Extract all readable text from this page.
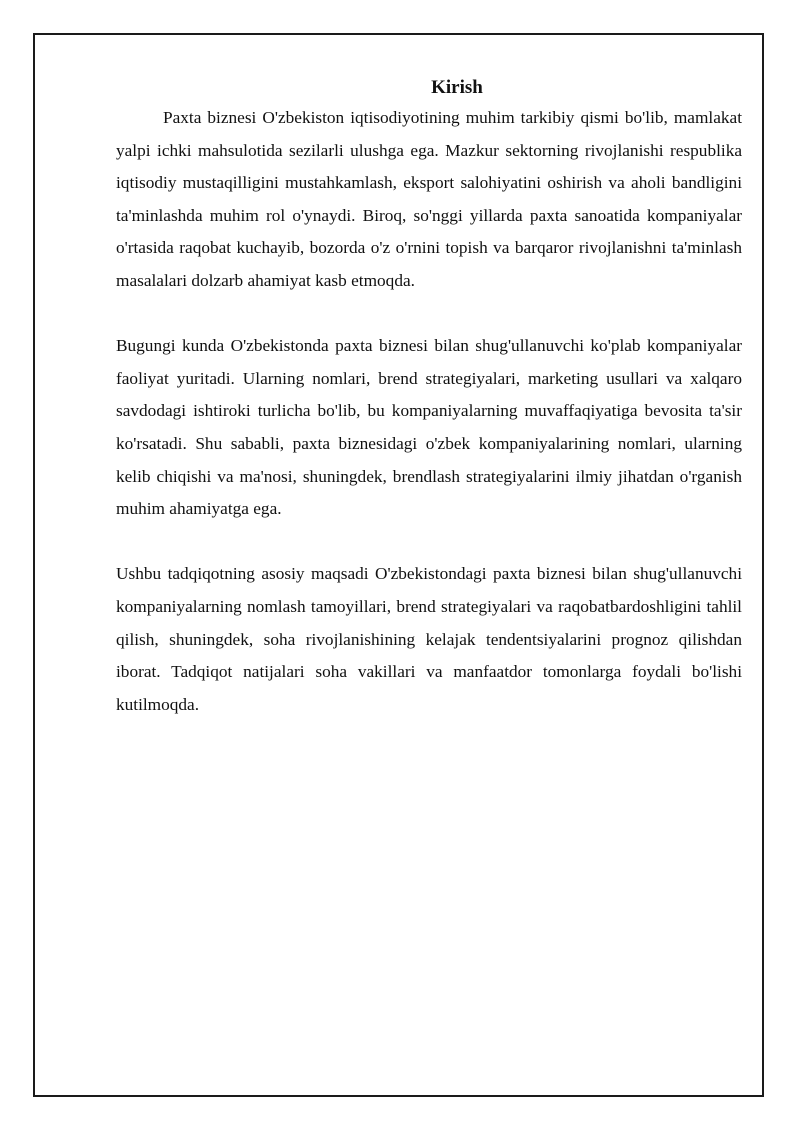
Kirish

Paxta biznesi O'zbekiston iqtisodiyotining muhim tarkibiy qismi bo'lib, mamlakat yalpi ichki mahsulotida sezilarli ulushga ega. Mazkur sektorning rivojlanishi respublika iqtisodiy mustaqilligini mustahkamlash, eksport salohiyatini oshirish va aholi bandligini ta'minlashda muhim rol o'ynaydi. Biroq, so'nggi yillarda paxta sanoatida kompaniyalar o'rtasida raqobat kuchayib, bozorda o'z o'rnini topish va barqaror rivojlanishni ta'minlash masalalari dolzarb ahamiyat kasb etmoqda.

Bugungi kunda O'zbekistonda paxta biznesi bilan shug'ullanuvchi ko'plab kompaniyalar faoliyat yuritadi. Ularning nomlari, brend strategiyalari, marketing usullari va xalqaro savdodagi ishtiroki turlicha bo'lib, bu kompaniyalarning muvaffaqiyatiga bevosita ta'sir ko'rsatadi. Shu sababli, paxta biznesidagi o'zbek kompaniyalarining nomlari, ularning kelib chiqishi va ma'nosi, shuningdek, brendlash strategiyalarini ilmiy jihatdan o'rganish muhim ahamiyatga ega.

Ushbu tadqiqotning asosiy maqsadi O'zbekistondagi paxta biznesi bilan shug'ullanuvchi kompaniyalarning nomlash tamoyillari, brend strategiyalari va raqobatbardoshligini tahlil qilish, shuningdek, soha rivojlanishining kelajak tendentsiyalarini prognoz qilishdan iborat. Tadqiqot natijalari soha vakillari va manfaatdor tomonlarga foydali bo'lishi kutilmoqda.
